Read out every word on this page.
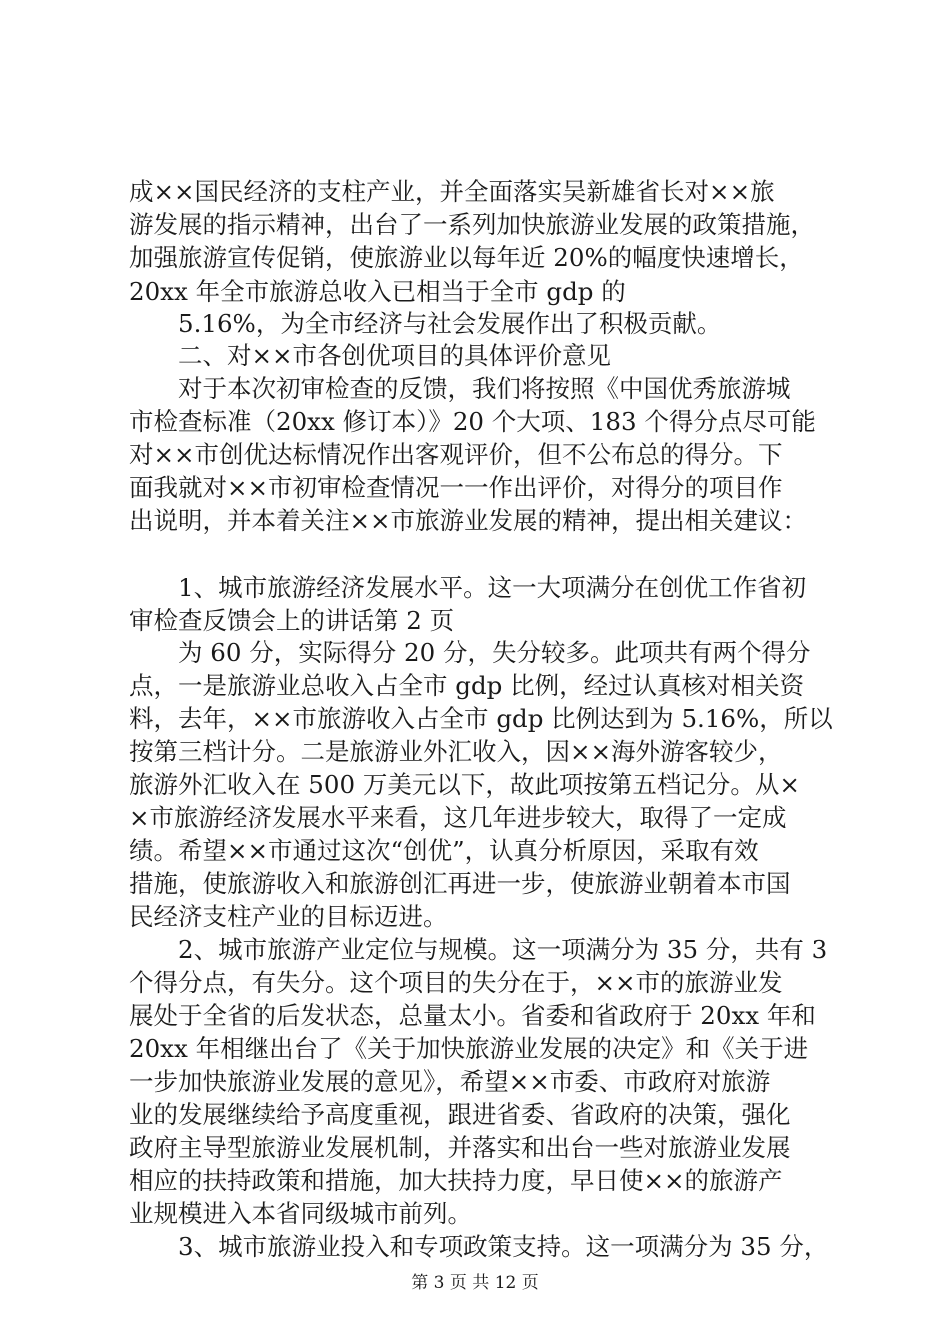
成××国民经济的支柱产业，并全面落实吴新雄省长对××旅
游发展的指示精神，出台了一系列加快旅游业发展的政策措施，
加强旅游宣传促销，使旅游业以每年近 20%的幅度快速增长，
20xx 年全市旅游总收入已相当于全市 gdp 的
　　5.16%，为全市经济与社会发展作出了积极贡献。
　　二、对××市各创优项目的具体评价意见
　　对于本次初审检查的反馈，我们将按照《中国优秀旅游城
市检查标准（20xx 修订本）》20 个大项、183 个得分点尽可能
对××市创优达标情况作出客观评价，但不公布总的得分。下
面我就对××市初审检查情况一一作出评价，对得分的项目作
出说明，并本着关注××市旅游业发展的精神，提出相关建议：
　　1、城市旅游经济发展水平。这一大项满分在创优工作省初
审检查反馈会上的讲话第 2 页
　　为 60 分，实际得分 20 分，失分较多。此项共有两个得分
点，一是旅游业总收入占全市 gdp 比例，经过认真核对相关资
料，去年，××市旅游收入占全市 gdp 比例达到为 5.16%，所以
按第三档计分。二是旅游业外汇收入，因××海外游客较少，
旅游外汇收入在 500 万美元以下，故此项按第五档记分。从×
×市旅游经济发展水平来看，这几年进步较大，取得了一定成
绩。希望××市通过这次“创优”，认真分析原因，采取有效
措施，使旅游收入和旅游创汇再进一步，使旅游业朝着本市国
民经济支柱产业的目标迈进。
　　2、城市旅游产业定位与规模。这一项满分为 35 分，共有 3
个得分点，有失分。这个项目的失分在于，××市的旅游业发
展处于全省的后发状态，总量太小。省委和省政府于 20xx 年和
20xx 年相继出台了《关于加快旅游业发展的决定》和《关于进
一步加快旅游业发展的意见》，希望××市委、市政府对旅游
业的发展继续给予高度重视，跟进省委、省政府的决策，强化
政府主导型旅游业发展机制，并落实和出台一些对旅游业发展
相应的扶持政策和措施，加大扶持力度，早日使××的旅游产
业规模进入本省同级城市前列。
　　3、城市旅游业投入和专项政策支持。这一项满分为 35 分，
第 3 页 共 12 页
